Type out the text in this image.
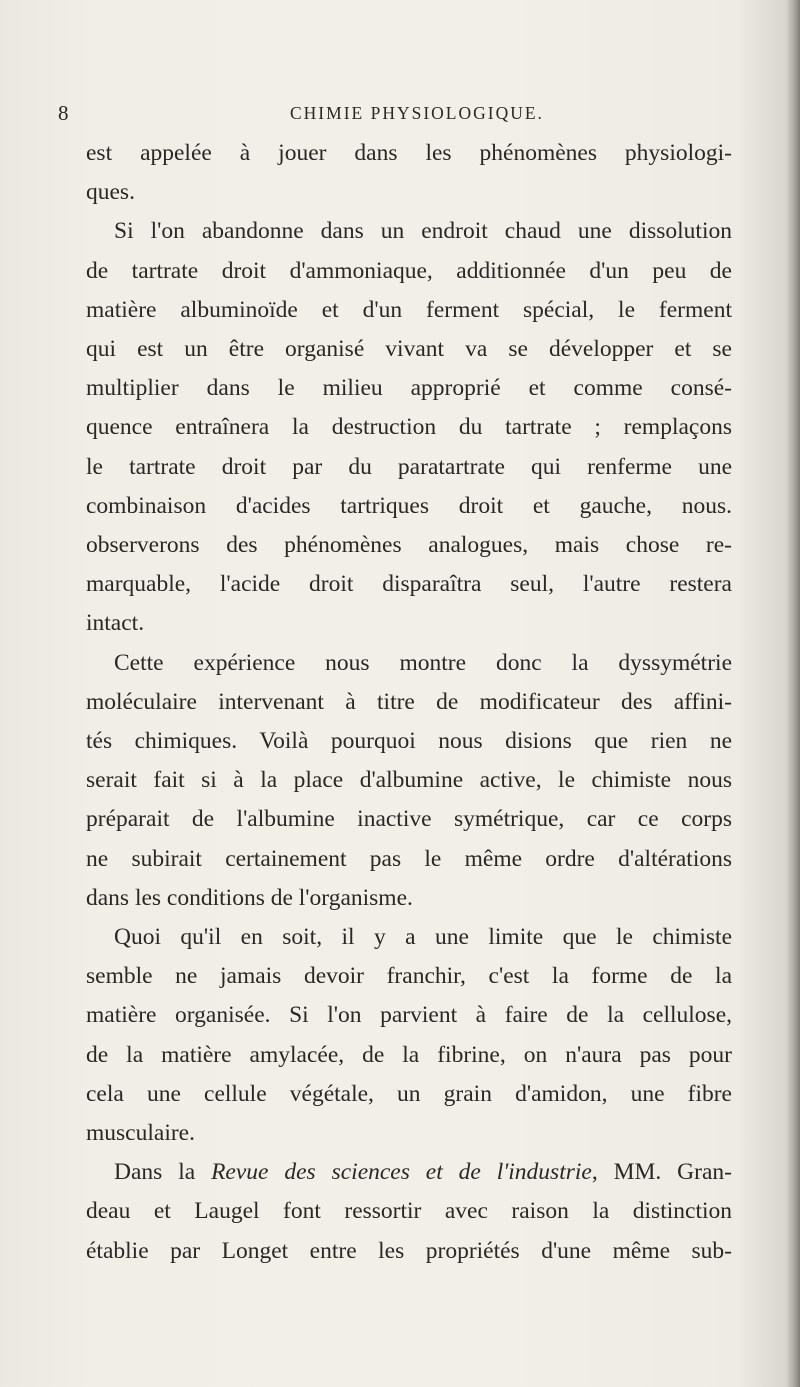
8	CHIMIE PHYSIOLOGIQUE.

est appelée à jouer dans les phénomènes physiologi-
ques.

Si l'on abandonne dans un endroit chaud une dissolution
de tartrate droit d'ammoniaque, additionnée d'un peu de
matière albuminoïde et d'un ferment spécial, le ferment
qui est un être organisé vivant va se développer et se
multiplier dans le milieu approprié et comme consé-
quence entraînera la destruction du tartrate ; remplaçons
le tartrate droit par du paratartrate qui renferme une
combinaison d'acides tartriques droit et gauche, nous.
observerons des phénomènes analogues, mais chose re-
marquable, l'acide droit disparaîtra seul, l'autre restera
intact.

Cette expérience nous montre donc la dyssymétrie
moléculaire intervenant à titre de modificateur des affini-
tés chimiques. Voilà pourquoi nous disions que rien ne
serait fait si à la place d'albumine active, le chimiste nous
préparait de l'albumine inactive symétrique, car ce corps
ne subirait certainement pas le même ordre d'altérations
dans les conditions de l'organisme.

Quoi qu'il en soit, il y a une limite que le chimiste
semble ne jamais devoir franchir, c'est la forme de la
matière organisée. Si l'on parvient à faire de la cellulose,
de la matière amylacée, de la fibrine, on n'aura pas pour
cela une cellule végétale, un grain d'amidon, une fibre
musculaire.

Dans la Revue des sciences et de l'industrie, MM. Gran-
deau et Laugel font ressortir avec raison la distinction
établie par Longet entre les propriétés d'une même sub-
